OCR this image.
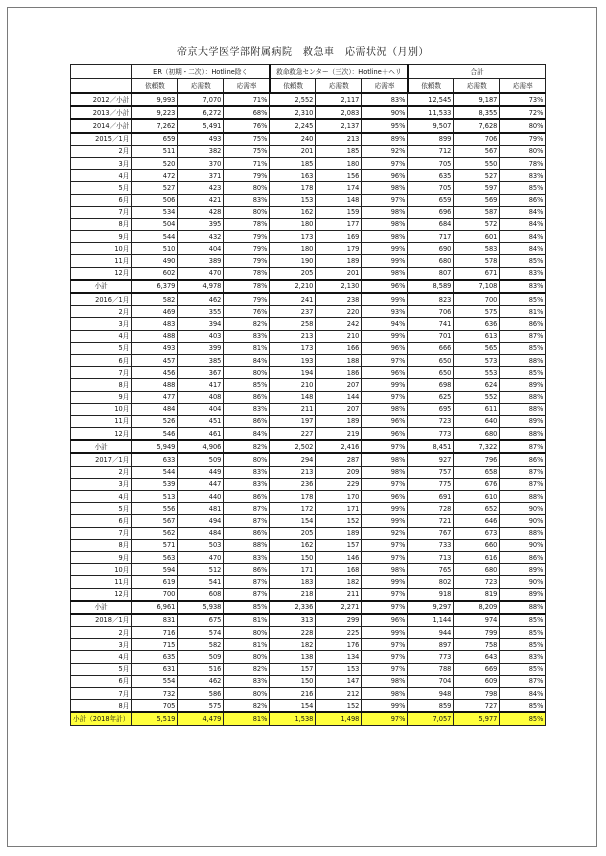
帝京大学医学部附属病院　救急車　応需状況（月別）
	ER（初期・二次）：Hotline除く			救命救急センター（三次）：Hotline＋ヘリ			合計		
	依頼数	応需数	応需率	依頼数	応需数	応需率	依頼数	応需数	応需率
2012／小計	9,993	7,070	71%	2,552	2,117	83%	12,545	9,187	73%
2013／小計	9,223	6,272	68%	2,310	2,083	90%	11,533	8,355	72%
2014／小計	7,262	5,491	76%	2,245	2,137	95%	9,507	7,628	80%
2015／1月	659	493	75%	240	213	89%	899	706	79%
2月	511	382	75%	201	185	92%	712	567	80%
3月	520	370	71%	185	180	97%	705	550	78%
4月	472	371	79%	163	156	96%	635	527	83%
5月	527	423	80%	178	174	98%	705	597	85%
6月	506	421	83%	153	148	97%	659	569	86%
7月	534	428	80%	162	159	98%	696	587	84%
8月	504	395	78%	180	177	98%	684	572	84%
9月	544	432	79%	173	169	98%	717	601	84%
10月	510	404	79%	180	179	99%	690	583	84%
11月	490	389	79%	190	189	99%	680	578	85%
12月	602	470	78%	205	201	98%	807	671	83%
小計	6,379	4,978	78%	2,210	2,130	96%	8,589	7,108	83%
2016／1月	582	462	79%	241	238	99%	823	700	85%
2月	469	355	76%	237	220	93%	706	575	81%
3月	483	394	82%	258	242	94%	741	636	86%
4月	488	403	83%	213	210	99%	701	613	87%
5月	493	399	81%	173	166	96%	666	565	85%
6月	457	385	84%	193	188	97%	650	573	88%
7月	456	367	80%	194	186	96%	650	553	85%
8月	488	417	85%	210	207	99%	698	624	89%
9月	477	408	86%	148	144	97%	625	552	88%
10月	484	404	83%	211	207	98%	695	611	88%
11月	526	451	86%	197	189	96%	723	640	89%
12月	546	461	84%	227	219	96%	773	680	88%
小計	5,949	4,906	82%	2,502	2,416	97%	8,451	7,322	87%
2017／1月	633	509	80%	294	287	98%	927	796	86%
2月	544	449	83%	213	209	98%	757	658	87%
3月	539	447	83%	236	229	97%	775	676	87%
4月	513	440	86%	178	170	96%	691	610	88%
5月	556	481	87%	172	171	99%	728	652	90%
6月	567	494	87%	154	152	99%	721	646	90%
7月	562	484	86%	205	189	92%	767	673	88%
8月	571	503	88%	162	157	97%	733	660	90%
9月	563	470	83%	150	146	97%	713	616	86%
10月	594	512	86%	171	168	98%	765	680	89%
11月	619	541	87%	183	182	99%	802	723	90%
12月	700	608	87%	218	211	97%	918	819	89%
小計	6,961	5,938	85%	2,336	2,271	97%	9,297	8,209	88%
2018／1月	831	675	81%	313	299	96%	1,144	974	85%
2月	716	574	80%	228	225	99%	944	799	85%
3月	715	582	81%	182	176	97%	897	758	85%
4月	635	509	80%	138	134	97%	773	643	83%
5月	631	516	82%	157	153	97%	788	669	85%
6月	554	462	83%	150	147	98%	704	609	87%
7月	732	586	80%	216	212	98%	948	798	84%
8月	705	575	82%	154	152	99%	859	727	85%
小計（2018年計）	5,519	4,479	81%	1,538	1,498	97%	7,057	5,977	85%
